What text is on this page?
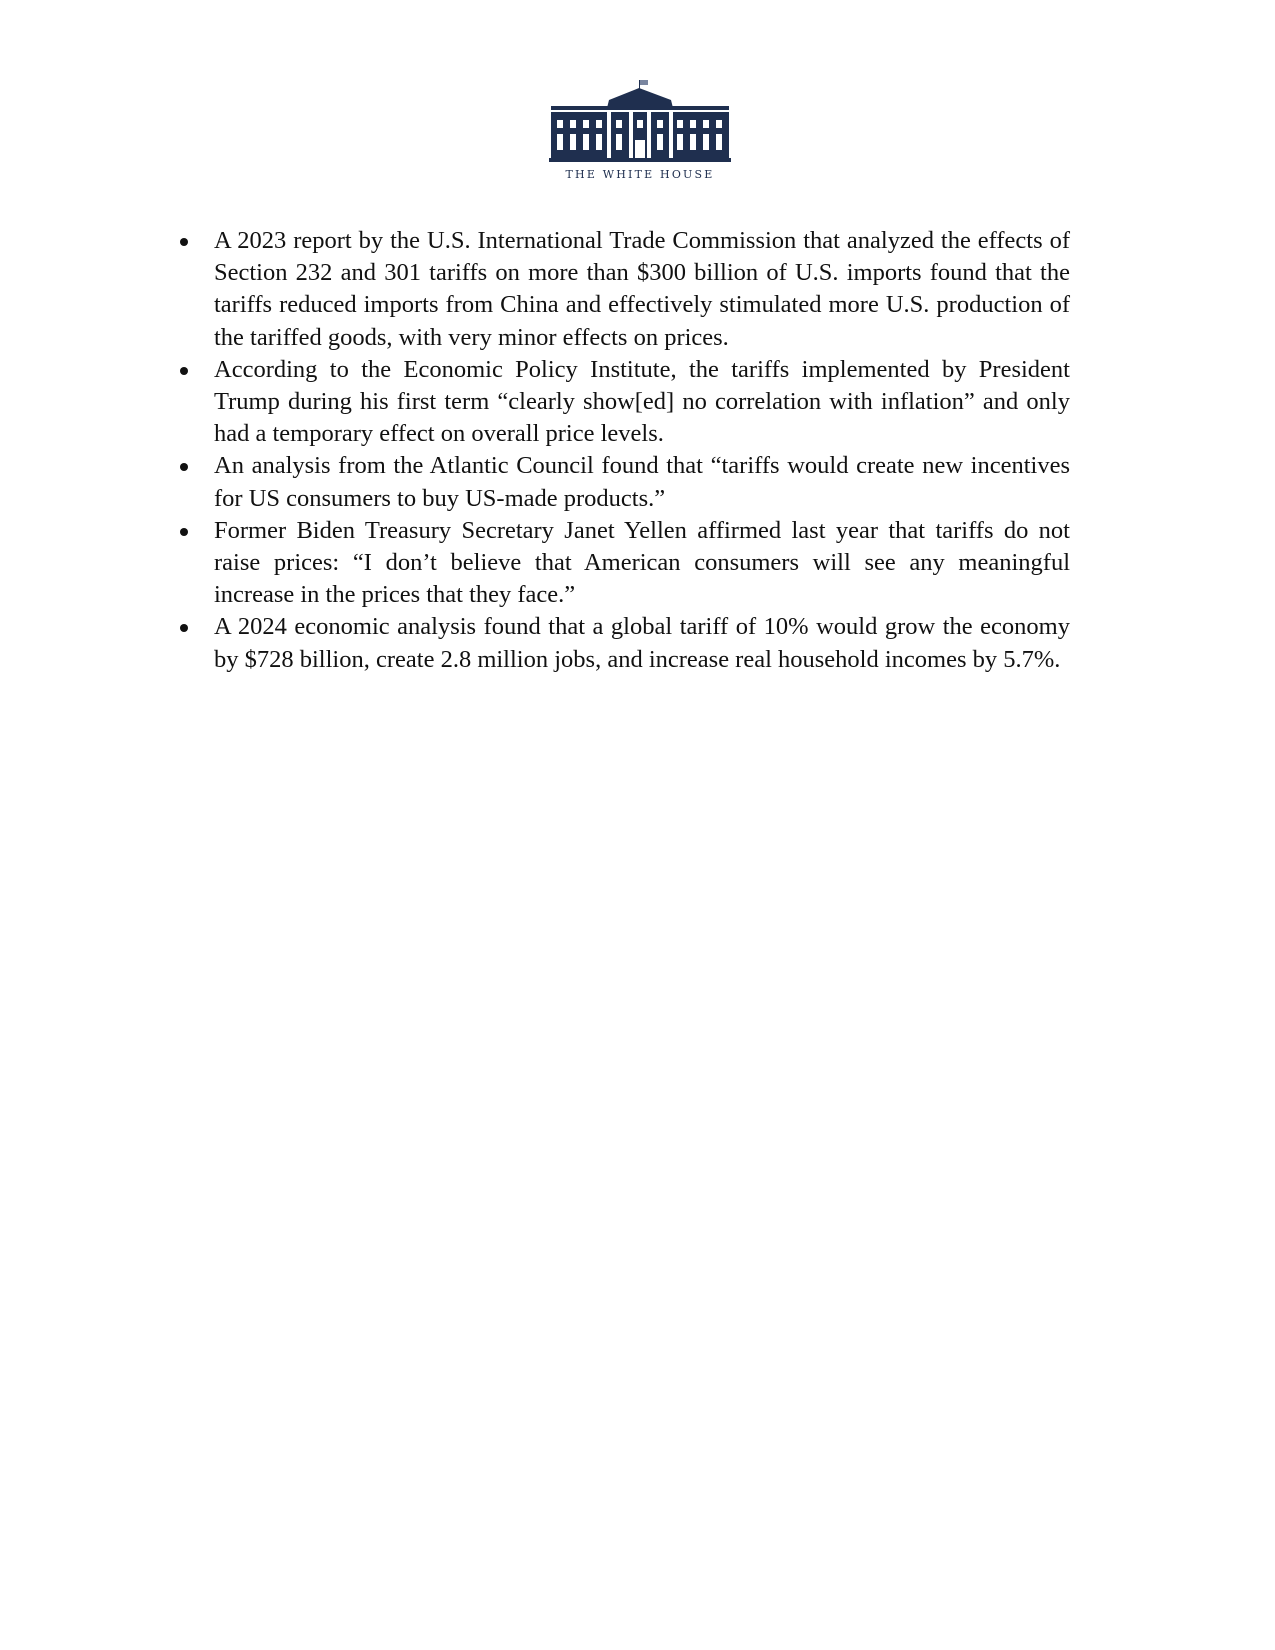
THE WHITE HOUSE
A 2023 report by the U.S. International Trade Commission that analyzed the effects of Section 232 and 301 tariffs on more than $300 billion of U.S. imports found that the tariffs reduced imports from China and effectively stimulated more U.S. production of the tariffed goods, with very minor effects on prices.
According to the Economic Policy Institute, the tariffs implemented by President Trump during his first term “clearly show[ed] no correlation with inflation” and only had a temporary effect on overall price levels.
An analysis from the Atlantic Council found that “tariffs would create new incentives for US consumers to buy US-made products.”
Former Biden Treasury Secretary Janet Yellen affirmed last year that tariffs do not raise prices: “I don’t believe that American consumers will see any meaningful increase in the prices that they face.”
A 2024 economic analysis found that a global tariff of 10% would grow the economy by $728 billion, create 2.8 million jobs, and increase real household incomes by 5.7%.
